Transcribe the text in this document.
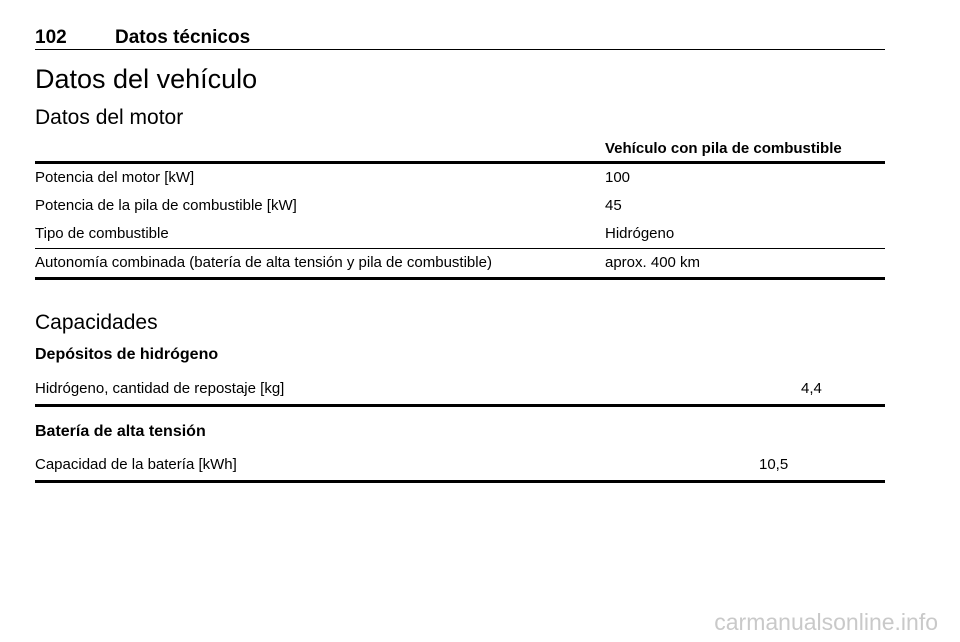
102	Datos técnicos
Datos del vehículo
Datos del motor
Vehículo con pila de combustible
Potencia del motor [kW]	100
Potencia de la pila de combustible [kW]	45
Tipo de combustible	Hidrógeno
Autonomía combinada (batería de alta tensión y pila de combustible)	aprox. 400 km
Capacidades
Depósitos de hidrógeno
Hidrógeno, cantidad de repostaje [kg]	4,4
Batería de alta tensión
Capacidad de la batería [kWh]	10,5
carmanualsonline.info
